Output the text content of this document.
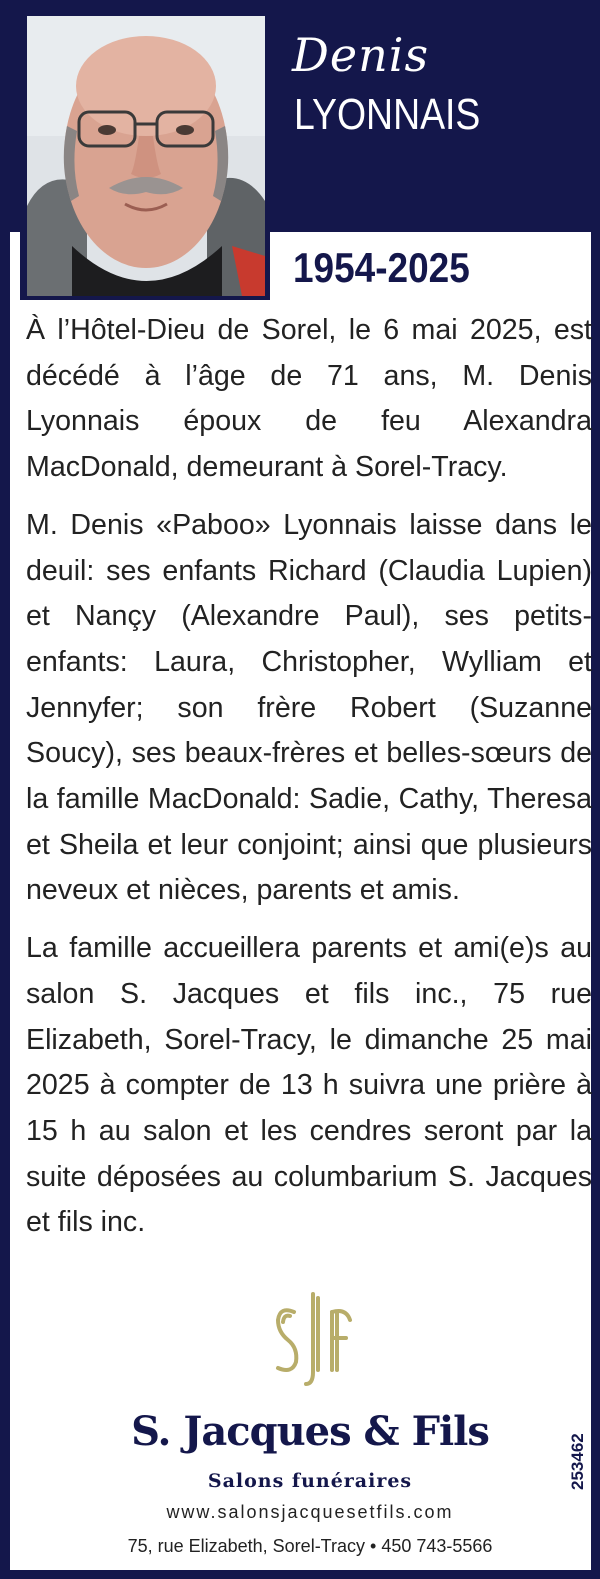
Denis
LYONNAIS
1954-2025

À l’Hôtel-Dieu de Sorel, le 6 mai 2025, est décédé à l’âge de 71 ans, M. Denis Lyonnais époux de feu Alexandra MacDonald, demeurant à Sorel-Tracy.

M. Denis «Paboo» Lyonnais laisse dans le deuil: ses enfants Richard (Claudia Lupien) et Nançy (Alexandre Paul), ses petits-enfants: Laura, Christopher, Wylliam et Jennyfer; son frère Robert (Suzanne Soucy), ses beaux-frères et belles-sœurs de la famille MacDonald: Sadie, Cathy, Theresa et Sheila et leur conjoint; ainsi que plusieurs neveux et nièces, parents et amis.

La famille accueillera parents et ami(e)s au salon S. Jacques et fils inc., 75 rue Elizabeth, Sorel-Tracy, le dimanche 25 mai 2025 à compter de 13 h suivra une prière à 15 h au salon et les cendres seront par la suite déposées au columbarium S. Jacques et fils inc.

S. Jacques & Fils
Salons funéraires
www.salonsjacquesetfils.com
75, rue Elizabeth, Sorel-Tracy • 450 743-5566
253462
